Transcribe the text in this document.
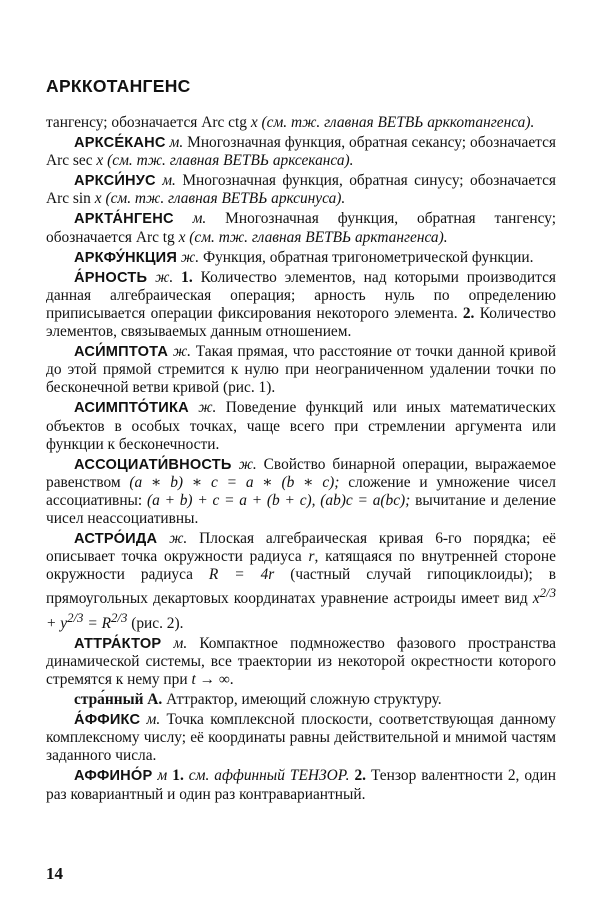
АРККОТАНГЕНС

тангенсу; обозначается Arc ctg x (см. тж. главная ВЕТВЬ арккотангенса).

АРКСЕ́КАНС м. Многозначная функция, обратная секансу; обозначается Arc sec x (см. тж. главная ВЕТВЬ арксеканса).

АРКСИ́НУС м. Многозначная функция, обратная синусу; обозначается Arc sin x (см. тж. главная ВЕТВЬ арксинуса).

АРКТА́НГЕНС м. Многозначная функция, обратная тангенсу; обозначается Arc tg x (см. тж. главная ВЕТВЬ арктангенса).

АРКФУ́НКЦИЯ ж. Функция, обратная тригонометрической функции.

А́РНОСТЬ ж. 1. Количество элементов, над которыми производится данная алгебраическая операция; арность нуль по определению приписывается операции фиксирования некоторого элемента. 2. Количество элементов, связываемых данным отношением.

АСИ́МПТОТА ж. Такая прямая, что расстояние от точки данной кривой до этой прямой стремится к нулю при неограниченном удалении точки по бесконечной ветви кривой (рис. 1).

АСИМПТО́ТИКА ж. Поведение функций или иных математических объектов в особых точках, чаще всего при стремлении аргумента или функции к бесконечности.

АССОЦИАТИ́ВНОСТЬ ж. Свойство бинарной операции, выражаемое равенством (a ∗ b) ∗ c = a ∗ (b ∗ c); сложение и умножение чисел ассоциативны: (a + b) + c = a + (b + c), (ab)c = a(bc); вычитание и деление чисел неассоциативны.

АСТРО́ИДА ж. Плоская алгебраическая кривая 6-го порядка; её описывает точка окружности радиуса r, катящаяся по внутренней стороне окружности радиуса R = 4r (частный случай гипоциклоиды); в прямоугольных декартовых координатах уравнение астроиды имеет вид $x^{2/3} + y^{2/3} = R^{2/3}$ (рис. 2).

АТТРА́КТОР м. Компактное подмножество фазового пространства динамической системы, все траектории из некоторой окрестности которого стремятся к нему при t → ∞.

стра́нный А. Аттрактор, имеющий сложную структуру.

А́ФФИКС м. Точка комплексной плоскости, соответствующая данному комплексному числу; её координаты равны действительной и мнимой частям заданного числа.

АФФИНО́Р м 1. см. аффинный ТЕНЗОР. 2. Тензор валентности 2, один раз ковариантный и один раз контравариантный.

14
